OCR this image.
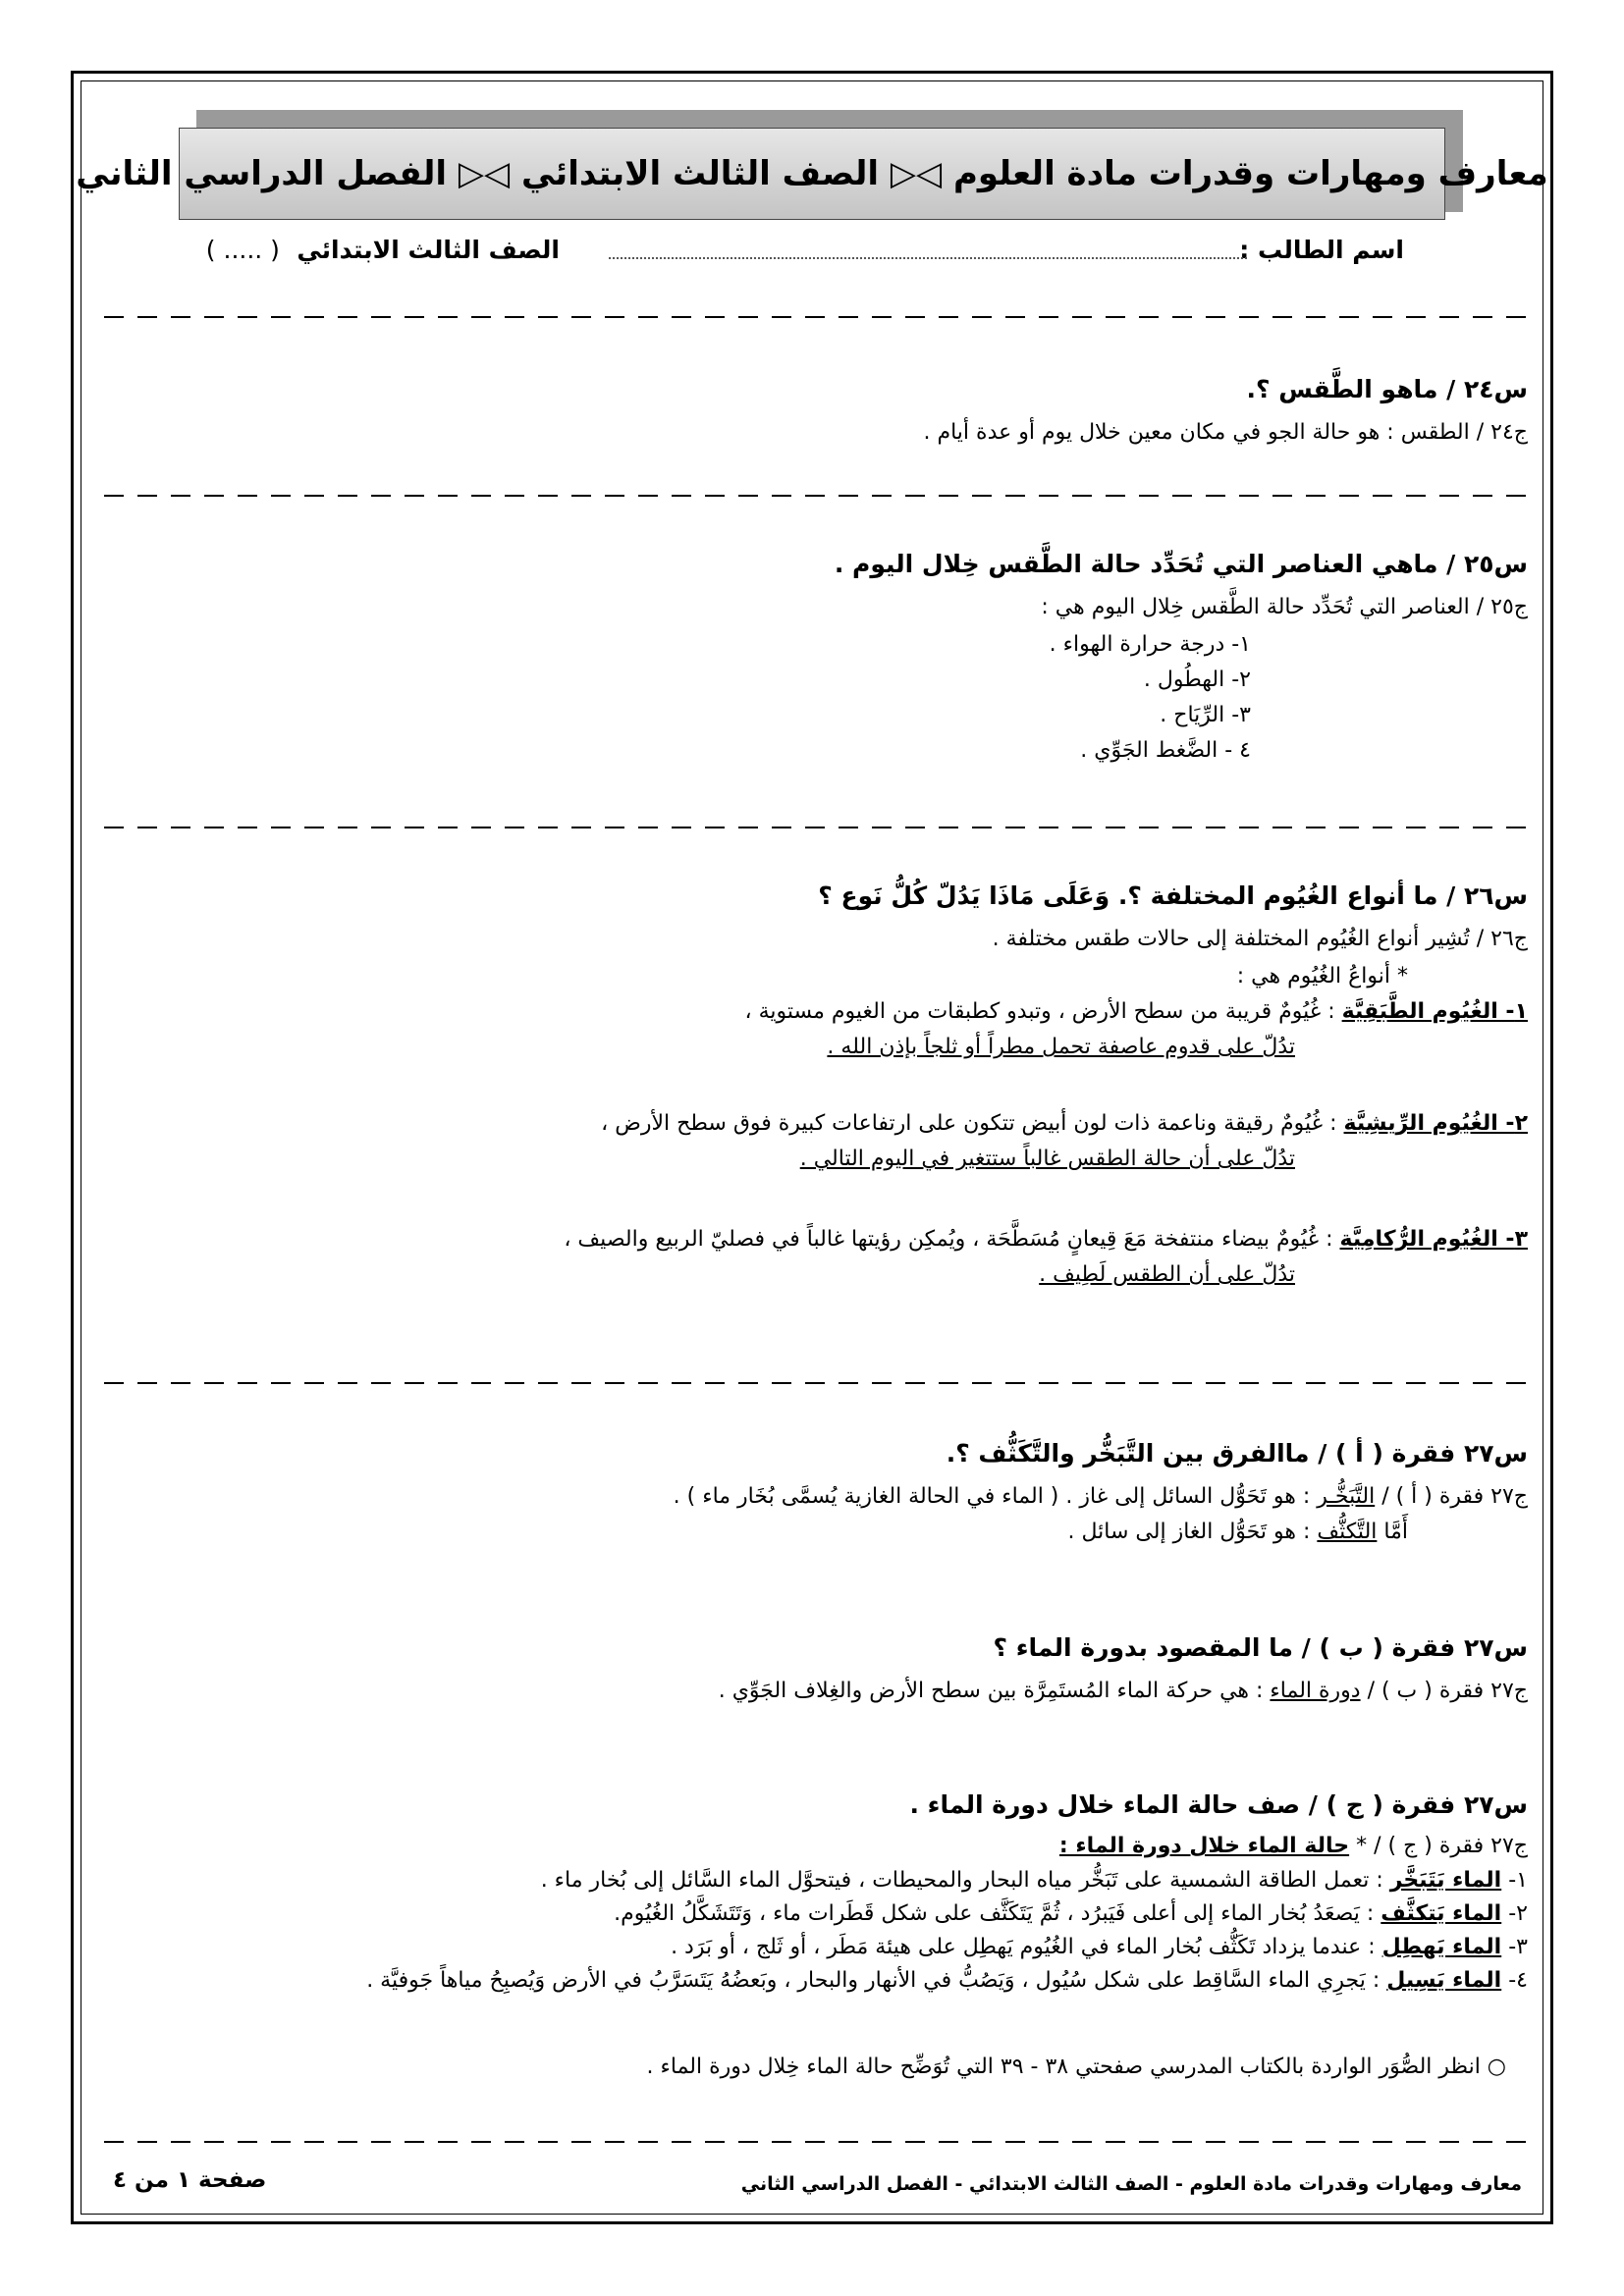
معارف ومهارات وقدرات مادة العلوم ◁▷ الصف الثالث الابتدائي ◁▷ الفصل الدراسي الثاني
اسم الطالب :
الصف الثالث الابتدائي  ( ..... )
س٢٤ / ماهو الطَّقس ؟.
ج٢٤ / الطقس : هو حالة الجو في مكان معين خلال يوم أو عدة أيام .
س٢٥ / ماهي العناصر التي تُحَدِّد حالة الطَّقس خِلال اليوم .
ج٢٥ / العناصر التي تُحَدِّد حالة الطَّقس خِلال اليوم هي :
١- درجة حرارة الهواء .
٢- الهطُول .
٣- الرِّيَاح .
٤ - الضَّغط الجَوِّي .
س٢٦ / ما أنواع الغُيُوم المختلفة ؟. وَعَلَى مَاذَا يَدُلّ كُلُّ نَوع ؟
ج٢٦ / تُشِير أنواع الغُيُوم المختلفة إلى حالات طقس مختلفة .
* أنواعُ الغُيُوم هي :
١- الغُيُوم الطَّبَقِيَّة : غُيُومٌ قريبة من سطح الأرض ، وتبدو كطبقات من الغيوم مستوية ،
تدُلّ على قدوم عاصفة تحمل مطراً أو ثلجاً بإذن الله .
٢- الغُيُوم الرِّيشِيَّة : غُيُومٌ رقيقة وناعمة ذات لون أبيض تتكون على ارتفاعات كبيرة فوق سطح الأرض ،
تدُلّ على أن حالة الطقس غالباً ستتغير في اليوم التالي .
٣- الغُيُوم الرُّكامِيَّة : غُيُومٌ بيضاء منتفخة مَعَ قِيعانٍ مُسَطَّحَة ، ويُمكِن رؤيتها غالباً في فصليّ الربيع والصيف ،
تدُلّ على أن الطقس لَطِيف .
س٢٧ فقرة ( أ ) / ماالفرق بين التَّبَخُّر والتَّكَثُّف ؟.
ج٢٧ فقرة ( أ ) / التَّبَخُّـر : هو تَحَوُّل السائل إلى غاز . ( الماء في الحالة الغازية يُسمَّى بُخَار ماء ) .
أَمَّا التَّكثُّف : هو تَحَوُّل الغاز إلى سائل .
س٢٧ فقرة ( ب ) / ما المقصود بدورة الماء ؟
ج٢٧ فقرة ( ب ) / دورة الماء : هي حركة الماء المُستَمِرَّة بين سطح الأرض والغِلاف الجَوِّي .
س٢٧ فقرة ( ج ) / صف حالة الماء خلال دورة الماء .
ج٢٧ فقرة ( ج ) / * حالة الماء خلال دورة الماء :
١- الماء يَتَبَخَّر : تعمل الطاقة الشمسية على تَبَخُّر مياه البحار والمحيطات ، فيتحوَّل الماء السَّائل إلى بُخار ماء .
٢- الماء يَتكثَّف : يَصعَدُ بُخار الماء إلى أعلى فَيَبرُد ، ثُمَّ يَتَكَثَّف على شكل قَطَرات ماء ، وَتَتَشَكَّلُ الغُيُوم.
٣- الماء يَهطِل : عندما يزداد تَكَثُّف بُخار الماء في الغُيُوم يَهطِل على هيئة مَطَر ، أو ثَلج ، أو بَرَد .
٤- الماء يَسِيل : يَجرِي الماء السَّاقِط على شكل سُيُول ، وَيَصُبُّ في الأنهار والبحار ، وبَعضُهُ يَتَسَرَّبُ في الأرض وَيُصبِحُ مياهاً جَوفيَّة .
○ انظر الصُّوَر الواردة بالكتاب المدرسي صفحتي ٣٨ - ٣٩ التي تُوَضِّح حالة الماء خِلال دورة الماء .
صفحة ١ من ٤	معارف ومهارات وقدرات مادة العلوم - الصف الثالث الابتدائي - الفصل الدراسي الثاني
